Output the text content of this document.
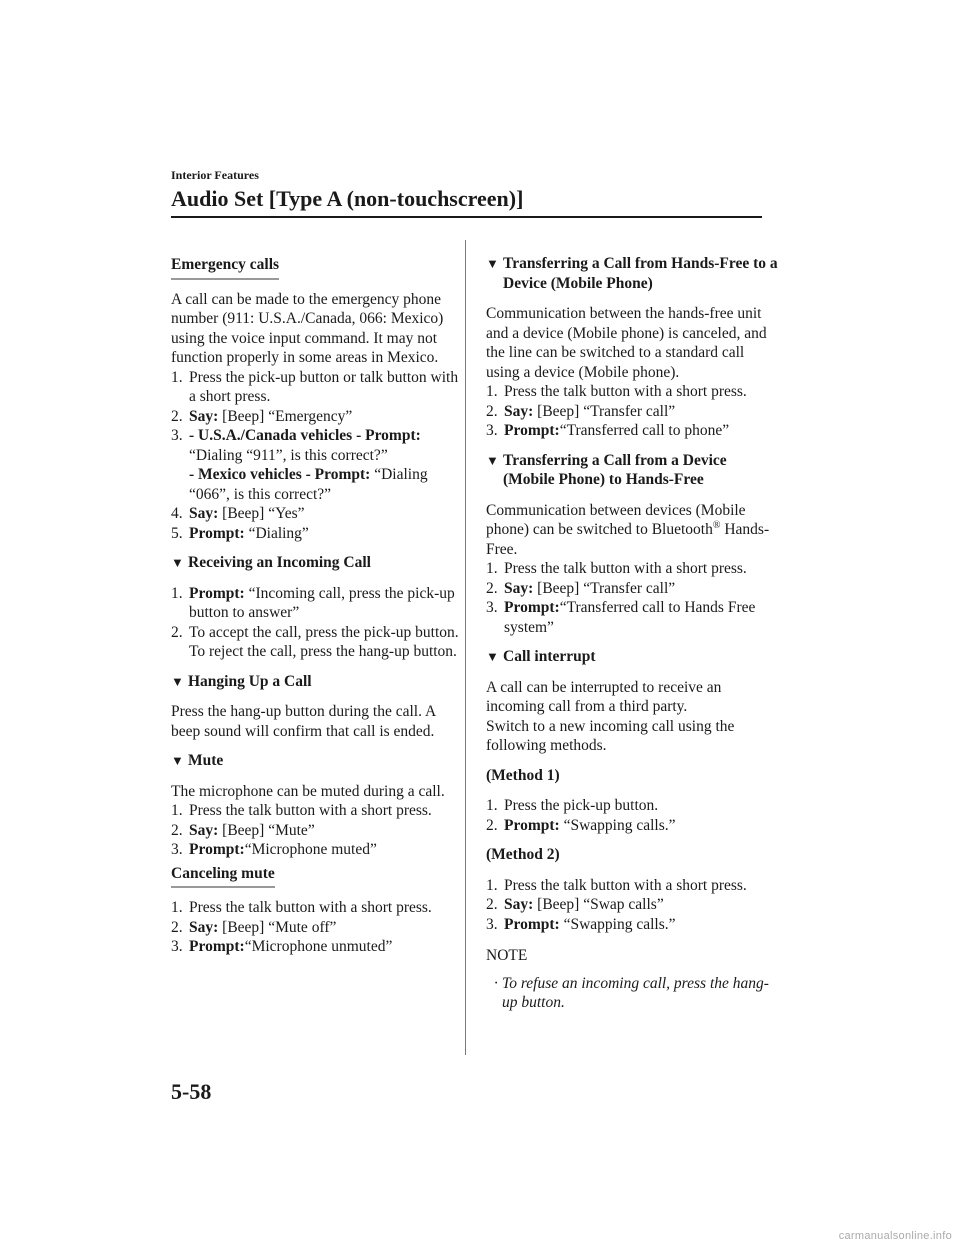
Interior Features
Audio Set [Type A (non-touchscreen)]
Emergency calls

A call can be made to the emergency phone number (911: U.S.A./Canada, 066: Mexico) using the voice input command. It may not function properly in some areas in Mexico.

1. Press the pick-up button or talk button with a short press.
2. Say: [Beep] “Emergency”
3. - U.S.A./Canada vehicles - Prompt:
“Dialing “911”, is this correct?”
- Mexico vehicles - Prompt: “Dialing “066”, is this correct?”
4. Say: [Beep] “Yes”
5. Prompt: “Dialing”
▼ Receiving an Incoming Call
1. Prompt: “Incoming call, press the pick-up button to answer”
2. To accept the call, press the pick-up button.
To reject the call, press the hang-up button.
▼ Hanging Up a Call

Press the hang-up button during the call. A beep sound will confirm that call is ended.

▼ Mute

The microphone can be muted during a call.

1. Press the talk button with a short press.
2. Say: [Beep] “Mute”
3. Prompt:“Microphone muted”
Canceling mute
1. Press the talk button with a short press.
2. Say: [Beep] “Mute off”
3. Prompt:“Microphone unmuted”
▼ Transferring a Call from Hands-Free to a Device (Mobile Phone)

Communication between the hands-free unit and a device (Mobile phone) is canceled, and the line can be switched to a standard call using a device (Mobile phone).

1. Press the talk button with a short press.
2. Say: [Beep] “Transfer call”
3. Prompt:“Transferred call to phone”
▼ Transferring a Call from a Device (Mobile Phone) to Hands-Free

Communication between devices (Mobile phone) can be switched to Bluetooth® Hands-Free.

1. Press the talk button with a short press.
2. Say: [Beep] “Transfer call”
3. Prompt:“Transferred call to Hands Free system”
▼ Call interrupt

A call can be interrupted to receive an incoming call from a third party.

Switch to a new incoming call using the following methods.

(Method 1)

1. Press the pick-up button.
2. Prompt: “Swapping calls.”

(Method 2)

1. Press the talk button with a short press.
2. Say: [Beep] “Swap calls”
3. Prompt: “Swapping calls.”

NOTE

· To refuse an incoming call, press the hang-up button.
5-58
carmanualsonline.info
